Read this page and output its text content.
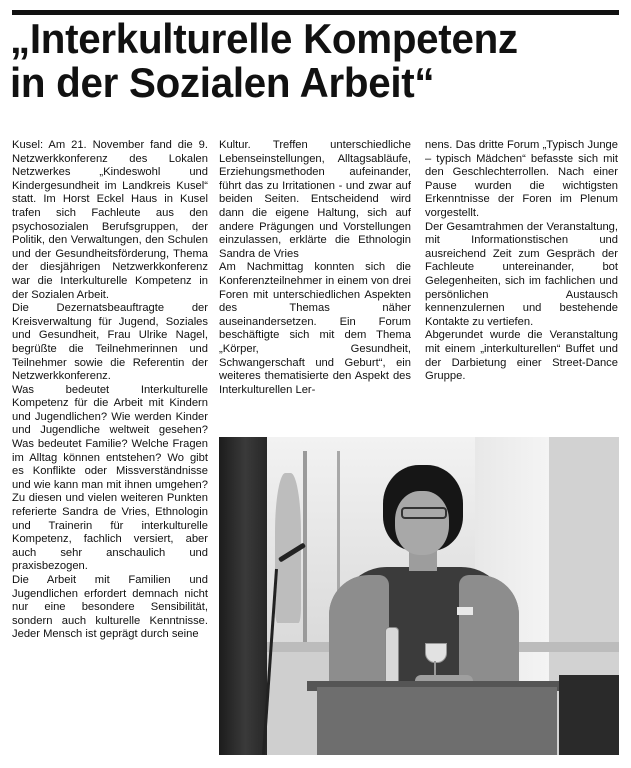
„Interkulturelle Kompetenz
in der Sozialen Arbeit“

Kusel: Am 21. November fand die 9. Netzwerkkonferenz des Lokalen Netzwerkes „Kindeswohl und Kindergesundheit im Landkreis Kusel“ statt. Im Horst Eckel Haus in Kusel trafen sich Fachleute aus den psychosozialen Berufsgruppen, der Politik, den Verwaltungen, den Schulen und der Gesundheitsförderung, Thema der diesjährigen Netzwerkkonferenz war die Interkulturelle Kompetenz in der Sozialen Arbeit.

Die Dezernatsbeauftragte der Kreisverwaltung für Jugend, Soziales und Gesundheit, Frau Ulrike Nagel, begrüßte die Teilnehmerinnen und Teilnehmer sowie die Referentin der Netzwerkkonferenz.

Was bedeutet Interkulturelle Kompetenz für die Arbeit mit Kindern und Jugendlichen? Wie werden Kinder und Jugendliche weltweit gesehen? Was bedeutet Familie? Welche Fragen im Alltag können entstehen? Wo gibt es Konflikte oder Missverständnisse und wie kann man mit ihnen umgehen? Zu diesen und vielen weiteren Punkten referierte Sandra de Vries, Ethnologin und Trainerin für interkulturelle Kompetenz, fachlich versiert, aber auch sehr anschaulich und praxisbezogen.

Die Arbeit mit Familien und Jugendlichen erfordert demnach nicht nur eine besondere Sensibilität, sondern auch kulturelle Kenntnisse. Jeder Mensch ist geprägt durch seine

Kultur. Treffen unterschiedliche Lebenseinstellungen, Alltagsabläufe, Erziehungsmethoden aufeinander, führt das zu Irritationen - und zwar auf beiden Seiten. Entscheidend wird dann die eigene Haltung, sich auf andere Prägungen und Vorstellungen einzulassen, erklärte die Ethnologin Sandra de Vries

Am Nachmittag konnten sich die Konferenzteilnehmer in einem von drei Foren mit unterschiedlichen Aspekten des Themas näher auseinandersetzen. Ein Forum beschäftigte sich mit dem Thema „Körper, Gesundheit, Schwangerschaft und Geburt“, ein weiteres thematisierte den Aspekt des Interkulturellen Ler-

nens. Das dritte Forum „Typisch Junge – typisch Mädchen“ befasste sich mit den Geschlechterrollen. Nach einer Pause wurden die wichtigsten Erkenntnisse der Foren im Plenum vorgestellt.

Der Gesamtrahmen der Veranstaltung, mit Informationstischen und ausreichend Zeit zum Gespräch der Fachleute untereinander, bot Gelegenheiten, sich im fachlichen und persönlichen Austausch kennenzulernen und bestehende Kontakte zu vertiefen.

Abgerundet wurde die Veranstaltung mit einem „interkulturellen“ Buffet und der Darbietung einer Street-Dance Gruppe.
